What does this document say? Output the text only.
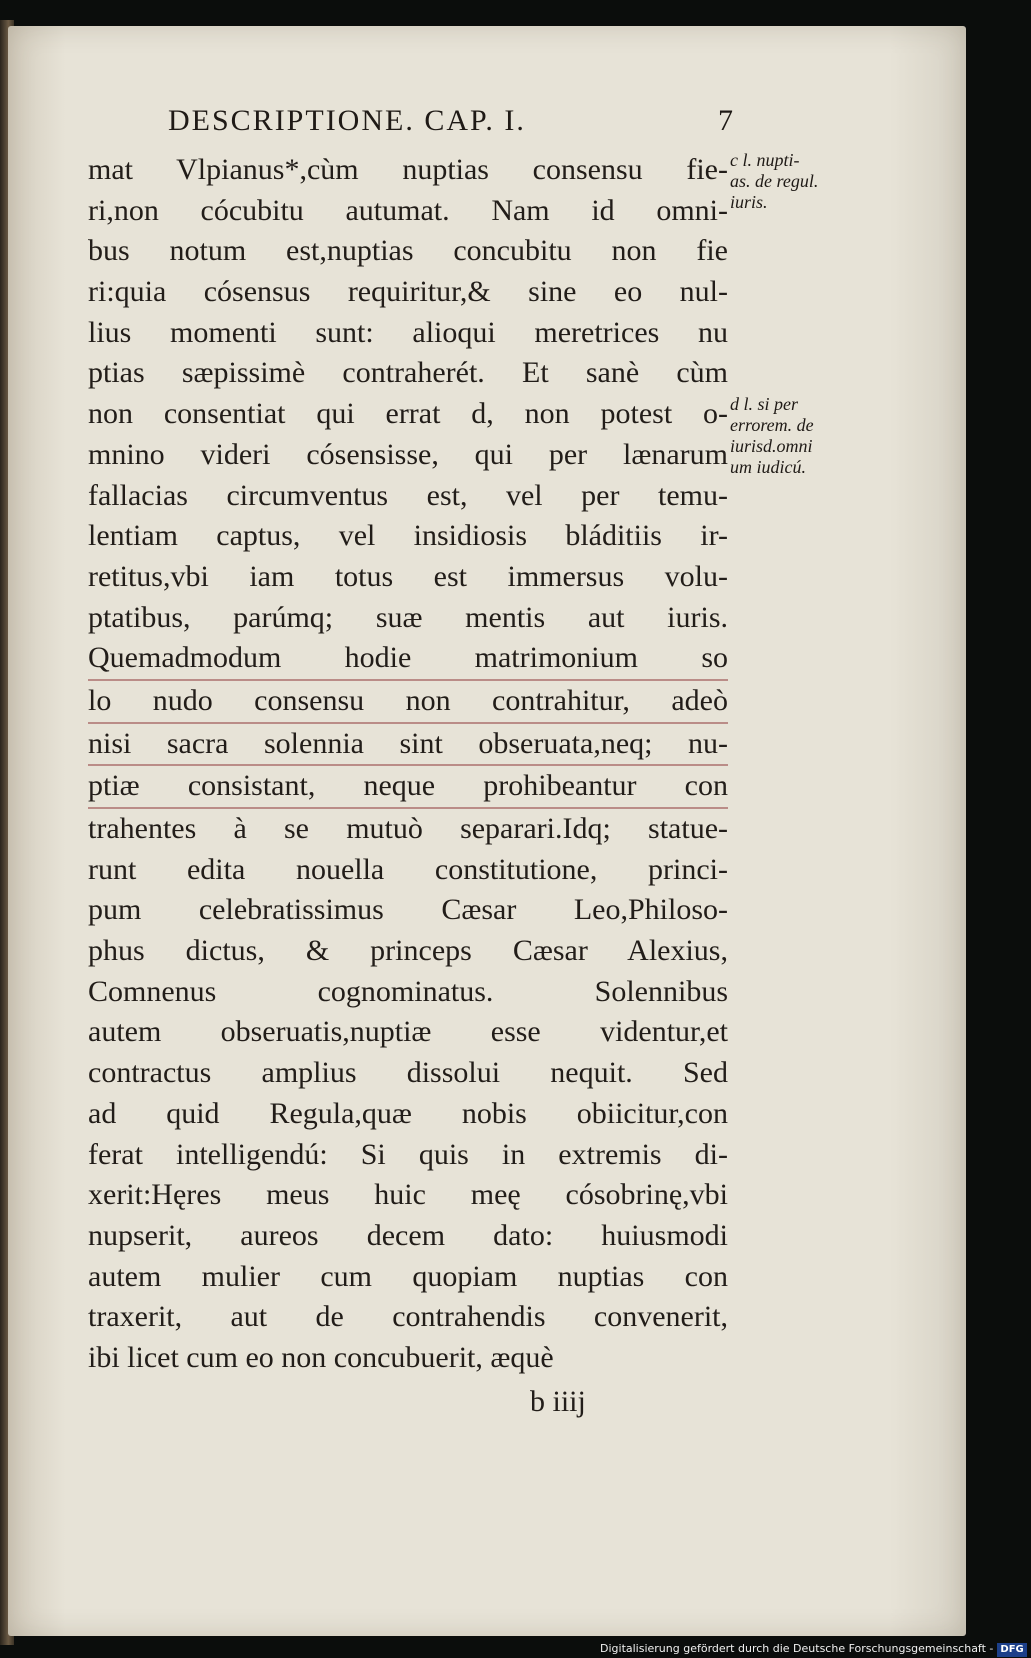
DESCRIPTIONE. CAP. I.	7
mat Vlpianus*,cùm nuptias consensu fie-
ri,non cócubitu autumat. Nam id omni-
bus notum est,nuptias concubitu non fie
ri:quia cósensus requiritur,& sine eo nul-
lius momenti sunt: alioqui meretrices nu
ptias sæpissimè contraherét. Et sanè cùm
non consentiat qui errat d, non potest o-
mnino videri cósensisse, qui per lænarum
fallacias circumventus est, vel per temu-
lentiam captus, vel insidiosis bláditiis ir-
retitus,vbi iam totus est immersus volu-
ptatibus, parúmq; suæ mentis aut iuris.
Quemadmodum hodie matrimonium so
lo nudo consensu non contrahitur, adeò
nisi sacra solennia sint obseruata,neq; nu-
ptiæ consistant, neque prohibeantur con
trahentes à se mutuò separari.Idq; statue-
runt edita nouella constitutione, princi-
pum celebratissimus Cæsar Leo,Philoso-
phus dictus, & princeps Cæsar Alexius,
Comnenus cognominatus. Solennibus
autem obseruatis,nuptiæ esse videntur,et
contractus amplius dissolui nequit. Sed
ad quid Regula,quæ nobis obiicitur,con
ferat intelligendú: Si quis in extremis di-
xerit:Hęres meus huic meę cósobrinę,vbi
nupserit, aureos decem dato: huiusmodi
autem mulier cum quopiam nuptias con
traxerit, aut de contrahendis convenerit,
ibi licet cum eo non concubuerit, æquè
c l. nupti-
as. de regul.
iuris.
d l. si per
errorem. de
iurisd.omni
um iudicú.
b iiij
Digitalisierung gefördert durch die Deutsche Forschungsgemeinschaft - DFG
